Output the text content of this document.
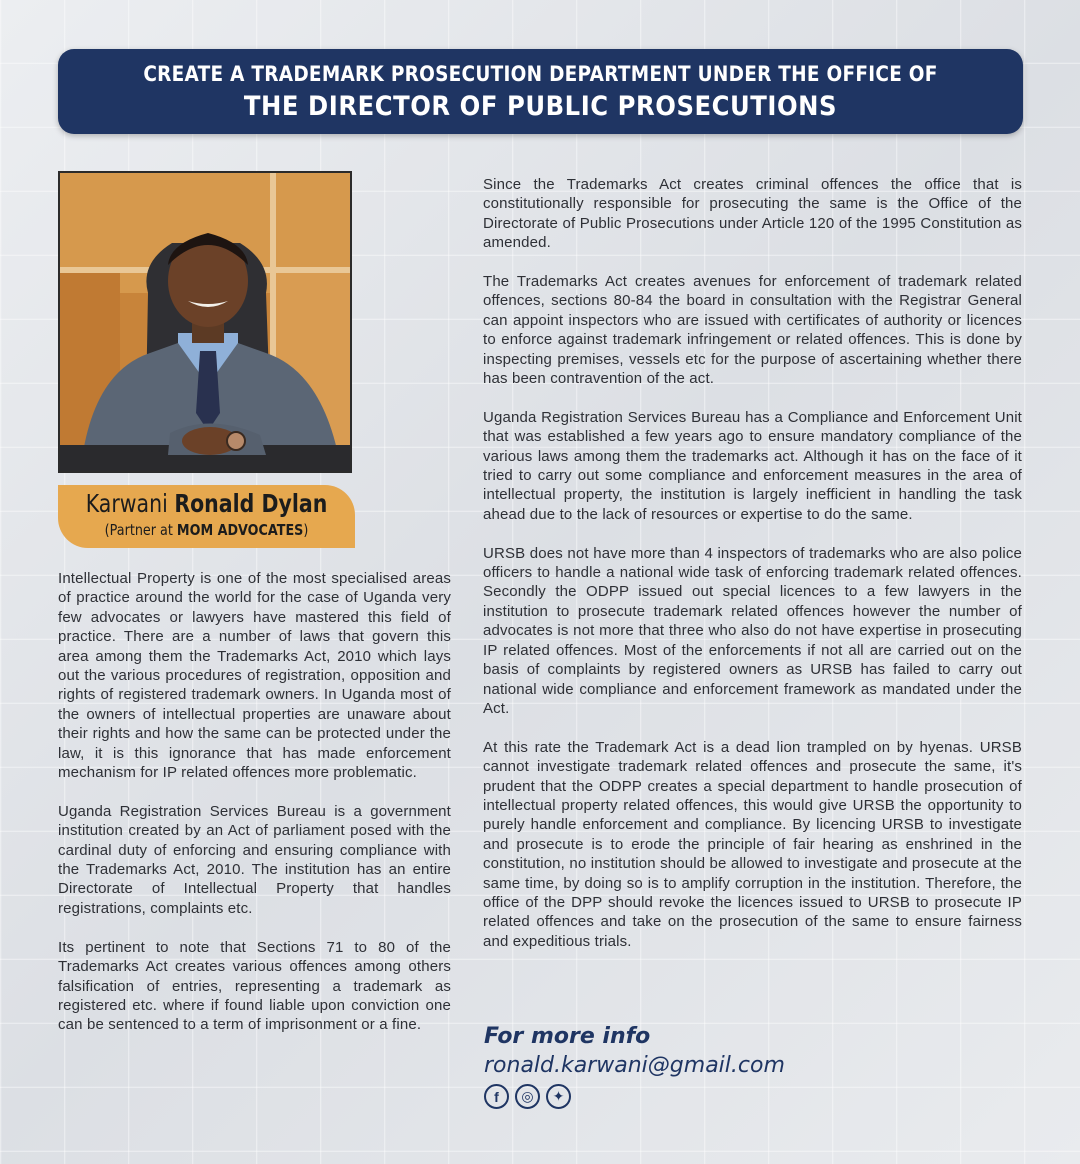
CREATE A TRADEMARK PROSECUTION DEPARTMENT UNDER THE OFFICE OF
THE DIRECTOR OF PUBLIC PROSECUTIONS
Karwani Ronald Dylan
(Partner at MOM ADVOCATES)

Intellectual Property is one of the most specialised areas of practice around the world for the case of Uganda very few advocates or lawyers have mastered this field of practice. There are a number of laws that govern this area among them the Trademarks Act, 2010 which lays out the various procedures of registration, opposition and rights of registered trademark owners. In Uganda most of the owners of intellectual properties are unaware about their rights and how the same can be protected under the law, it is this ignorance that has made enforcement mechanism for IP related offences more problematic.

Uganda Registration Services Bureau is a government institution created by an Act of parliament posed with the cardinal duty of enforcing and ensuring compliance with the Trademarks Act, 2010. The institution has an entire Directorate of Intellectual Property that handles registrations, complaints etc.

Its pertinent to note that Sections 71 to 80 of the Trademarks Act creates various offences among others falsification of entries, representing a trademark as registered etc. where if found liable upon conviction one can be sentenced to a term of imprisonment or a fine.

Since the Trademarks Act creates criminal offences the office that is constitutionally responsible for prosecuting the same is the Office of the Directorate of Public Prosecutions under Article 120 of the 1995 Constitution as amended.

The Trademarks Act creates avenues for enforcement of trademark related offences, sections 80-84 the board in consultation with the Registrar General can appoint inspectors who are issued with certificates of authority or licences to enforce against trademark infringement or related offences. This is done by inspecting premises, vessels etc for the purpose of ascertaining whether there has been contravention of the act.

Uganda Registration Services Bureau has a Compliance and Enforcement Unit that was established a few years ago to ensure mandatory compliance of the various laws among them the trademarks act. Although it has on the face of it tried to carry out some compliance and enforcement measures in the area of intellectual property, the institution is largely inefficient in handling the task ahead due to the lack of resources or expertise to do the same.

URSB does not have more than 4 inspectors of trademarks who are also police officers to handle a national wide task of enforcing trademark related offences. Secondly the ODPP issued out special licences to a few lawyers in the institution to prosecute trademark related offences however the number of advocates is not more that three who also do not have expertise in prosecuting IP related offences. Most of the enforcements if not all are carried out on the basis of complaints by registered owners as URSB has failed to carry out national wide compliance and enforcement framework as mandated under the Act.

At this rate the Trademark Act is a dead lion trampled on by hyenas. URSB cannot investigate trademark related offences and prosecute the same, it's prudent that the ODPP creates a special department to handle prosecution of intellectual property related offences, this would give URSB the opportunity to purely handle enforcement and compliance. By licencing URSB to investigate and prosecute is to erode the principle of fair hearing as enshrined in the constitution, no institution should be allowed to investigate and prosecute at the same time, by doing so is to amplify corruption in the institution. Therefore, the office of the DPP should revoke the licences issued to URSB to prosecute IP related offences and take on the prosecution of the same to ensure fairness and expeditious trials.

For more info
ronald.karwani@gmail.com
f	◎	✦
